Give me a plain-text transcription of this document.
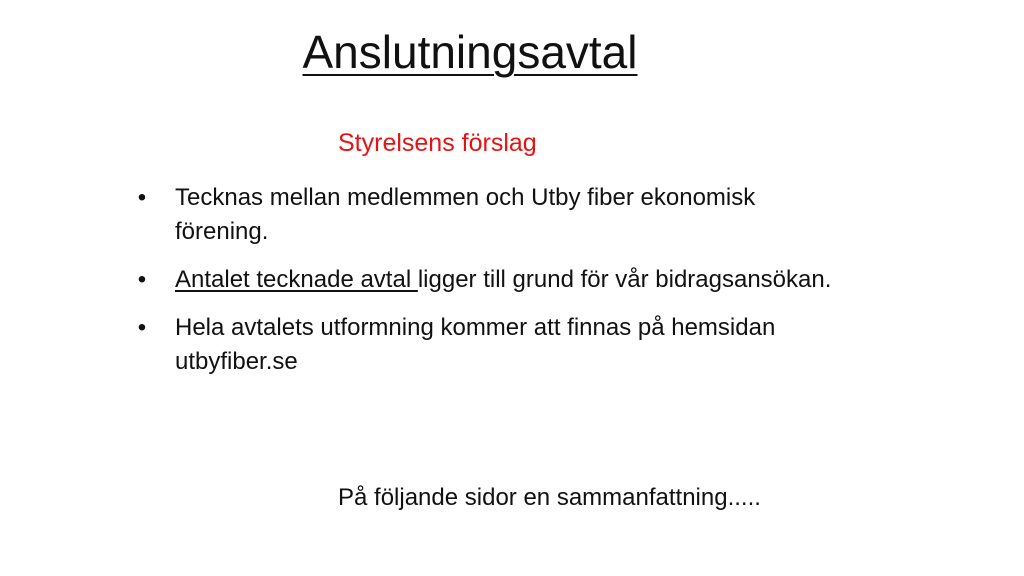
Anslutningsavtal

Styrelsens förslag

• Tecknas mellan medlemmen och Utby fiber ekonomisk förening.
• Antalet tecknade avtal ligger till grund för vår bidragsansökan.
• Hela avtalets utformning kommer att finnas på hemsidan utbyfiber.se

På följande sidor en sammanfattning.....
